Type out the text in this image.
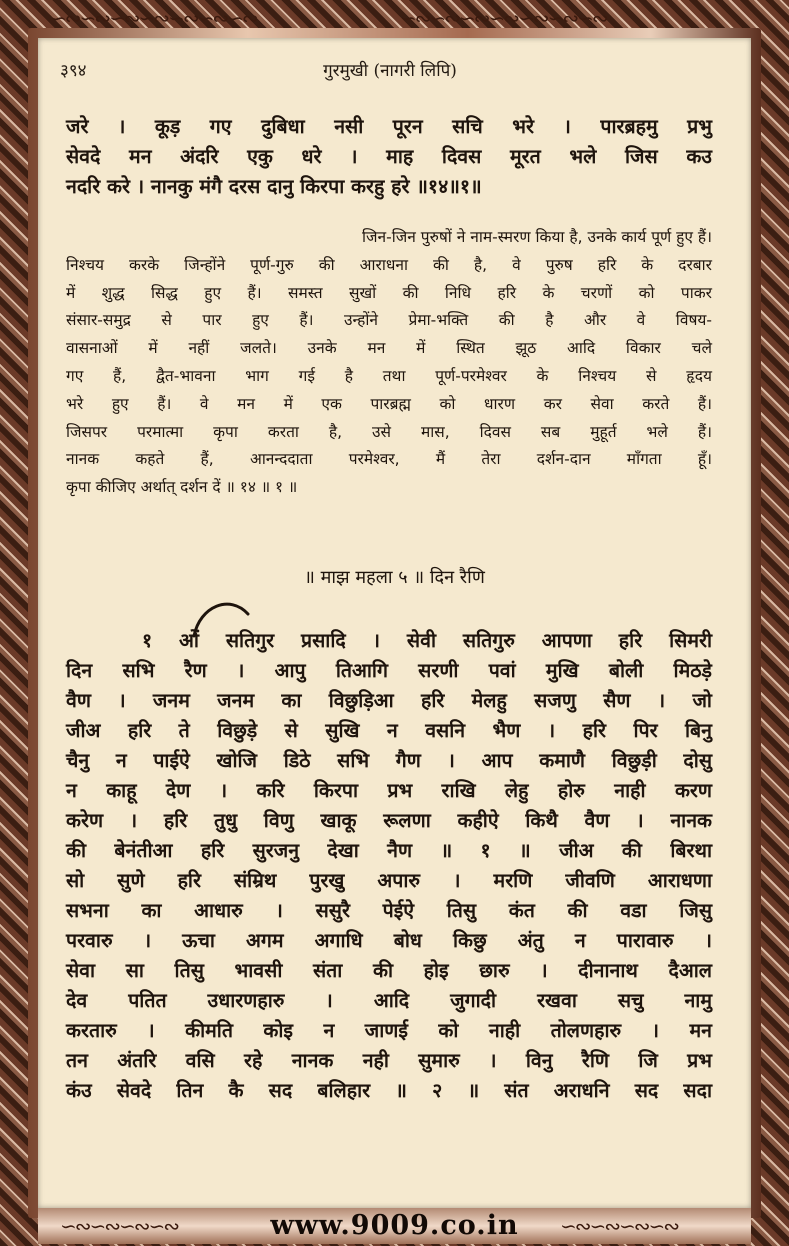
∽∾∽∾∽∾∽∾∽∾∽∾∽∾	∽∾∽∾∽∾∽∾∽∾∽∾∽∾
३९४	गुरमुखी (नागरी लिपि)
जरे । कूड़ गए दुबिधा नसी पूरन सचि भरे । पारब्रहमु प्रभु
सेवदे मन अंदरि एकु धरे । माह दिवस मूरत भले जिस कउ
नदरि करे । नानकु मंगै दरस दानु किरपा करहु हरे ॥१४॥१॥
जिन-जिन पुरुषों ने नाम-स्मरण किया है, उनके कार्य पूर्ण हुए हैं।
निश्चय करके जिन्होंने पूर्ण-गुरु की आराधना की है, वे पुरुष हरि के दरबार
में शुद्ध सिद्ध हुए हैं। समस्त सुखों की निधि हरि के चरणों को पाकर
संसार-समुद्र से पार हुए हैं। उन्होंने प्रेमा-भक्ति की है और वे विषय-
वासनाओं में नहीं जलते। उनके मन में स्थित झूठ आदि विकार चले
गए हैं, द्वैत-भावना भाग गई है तथा पूर्ण-परमेश्वर के निश्चय से हृदय
भरे हुए हैं। वे मन में एक पारब्रह्म को धारण कर सेवा करते हैं।
जिसपर परमात्मा कृपा करता है, उसे मास, दिवस सब मुहूर्त भले हैं।
नानक कहते हैं, आनन्ददाता परमेश्वर, मैं तेरा दर्शन-दान माँगता हूँ।
कृपा कीजिए अर्थात् दर्शन दें ॥ १४ ॥ १ ॥
॥ माझ महला ५ ॥ दिन रैणि
१ ओं सतिगुर प्रसादि । सेवी सतिगुरु आपणा हरि सिमरी
दिन सभि रैण । आपु तिआगि सरणी पवां मुखि बोली मिठड़े
वैण । जनम जनम का विछुड़िआ हरि मेलहु सजणु सैण । जो
जीअ हरि ते विछुड़े से सुखि न वसनि भैण । हरि पिर बिनु
चैनु न पाईऐ खोजि डिठे सभि गैण । आप कमाणै विछुड़ी दोसु
न काहू देण । करि किरपा प्रभ राखि लेहु होरु नाही करण
करेण । हरि तुधु विणु खाकू रूलणा कहीऐ किथै वैण । नानक
की बेनंतीआ हरि सुरजनु देखा नैण ॥ १ ॥ जीअ की बिरथा
सो सुणे हरि संम्रिथ पुरखु अपारु । मरणि जीवणि आराधणा
सभना का आधारु । ससुरै पेईऐ तिसु कंत की वडा जिसु
परवारु । ऊचा अगम अगाधि बोध किछु अंतु न पारावारु ।
सेवा सा तिसु भावसी संता की होइ छारु । दीनानाथ दैआल
देव पतित उधारणहारु । आदि जुगादी रखवा सचु नामु
करतारु । कीमति कोइ न जाणई को नाही तोलणहारु । मन
तन अंतरि वसि रहे नानक नही सुमारु । विनु रैणि जि प्रभ
कंउ सेवदे तिन कै सद बलिहार ॥ २ ॥ संत अराधनि सद सदा
∽∾∽∾∽∾∽∾	∽∾∽∾∽∾∽∾
www.9009.co.in
